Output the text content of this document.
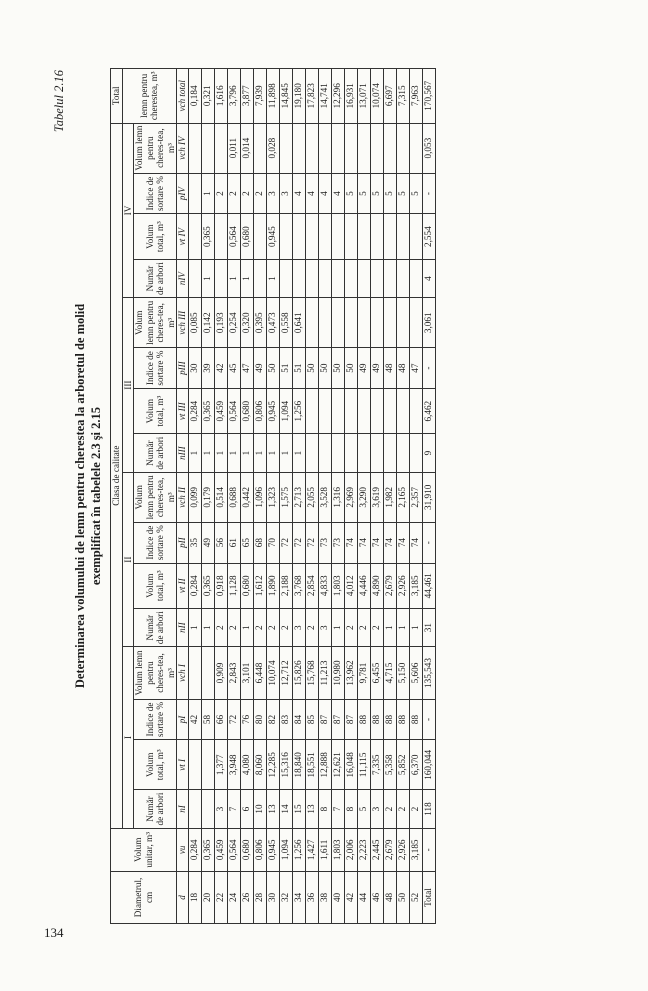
134
Tabelul 2.16
Determinarea volumului de lemn pentru cherestea la arboretul de molid exemplificat în tabelele 2.3 şi 2.15
Diametrul, cm	Volum unitar, m³	Clasa de calitate																Total
		I				II				III				IV				lemn pentru cherestea, m³
		Număr de arbori	Volum total, m³	Indice de sortare %	Volum lemn pentru cheres-tea, m³	Număr de arbori	Volum total, m³	Indice de sortare %	Volum lemn pentru cheres-tea, m³	Număr de arbori	Volum total, m³	Indice de sortare %	Volum lemn pentru cheres-tea, m³	Număr de arbori	Volum total, m³	Indice de sortare %	Volum lemn pentru cheres-tea, m³	
d	vu	nI	vt I	pI	vch I	nII	vt II	pII	vch II	nIII	vt III	pIII	vch III	nIV	vt IV	pIV	vch IV	vch total
18	0,284			42		1	0,284	35	0,099	1	0,284	30	0,085					0,184
20	0,365			58		1	0,365	49	0,179	1	0,365	39	0,142	1	0,365	1		0,321
22	0,459	3	1,377	66	0,909	2	0,918	56	0,514	1	0,459	42	0,193			2		1,616
24	0,564	7	3,948	72	2,843	2	1,128	61	0,688	1	0,564	45	0,254	1	0,564	2	0,011	3,796
26	0,680	6	4,080	76	3,101	1	0,680	65	0,442	1	0,680	47	0,320	1	0,680	2	0,014	3,877
28	0,806	10	8,060	80	6,448	2	1,612	68	1,096	1	0,806	49	0,395			2		7,939
30	0,945	13	12,285	82	10,074	2	1,890	70	1,323	1	0,945	50	0,473	1	0,945	3	0,028	11,898
32	1,094	14	15,316	83	12,712	2	2,188	72	1,575	1	1,094	51	0,558			3		14,845
34	1,256	15	18,840	84	15,826	3	3,768	72	2,713	1	1,256	51	0,641			4		19,180
36	1,427	13	18,551	85	15,768	2	2,854	72	2,055			50				4		17,823
38	1,611	8	12,888	87	11,213	3	4,833	73	3,528			50				4		14,741
40	1,803	7	12,621	87	10,980	1	1,803	73	1,316			50				4		12,296
42	2,006	8	16,048	87	13,962	2	4,012	74	2,969			50				5		16,931
44	2,223	5	11,115	88	9,781	2	4,446	74	3,290			49				5		13,071
46	2,445	3	7,335	88	6,455	2	4,890	74	3,619			49				5		10,074
48	2,679	2	5,358	88	4,715	1	2,679	74	1,982			48				5		6,697
50	2,926	2	5,852	88	5,150	1	2,926	74	2,165			48				5		7,315
52	3,185	2	6,370	88	5,606	1	3,185	74	2,357			47				5		7,963
Total	-	118	160,044	-	135,543	31	44,461	-	31,910	9	6,462	-	3,061	4	2,554	-	0,053	170,567
